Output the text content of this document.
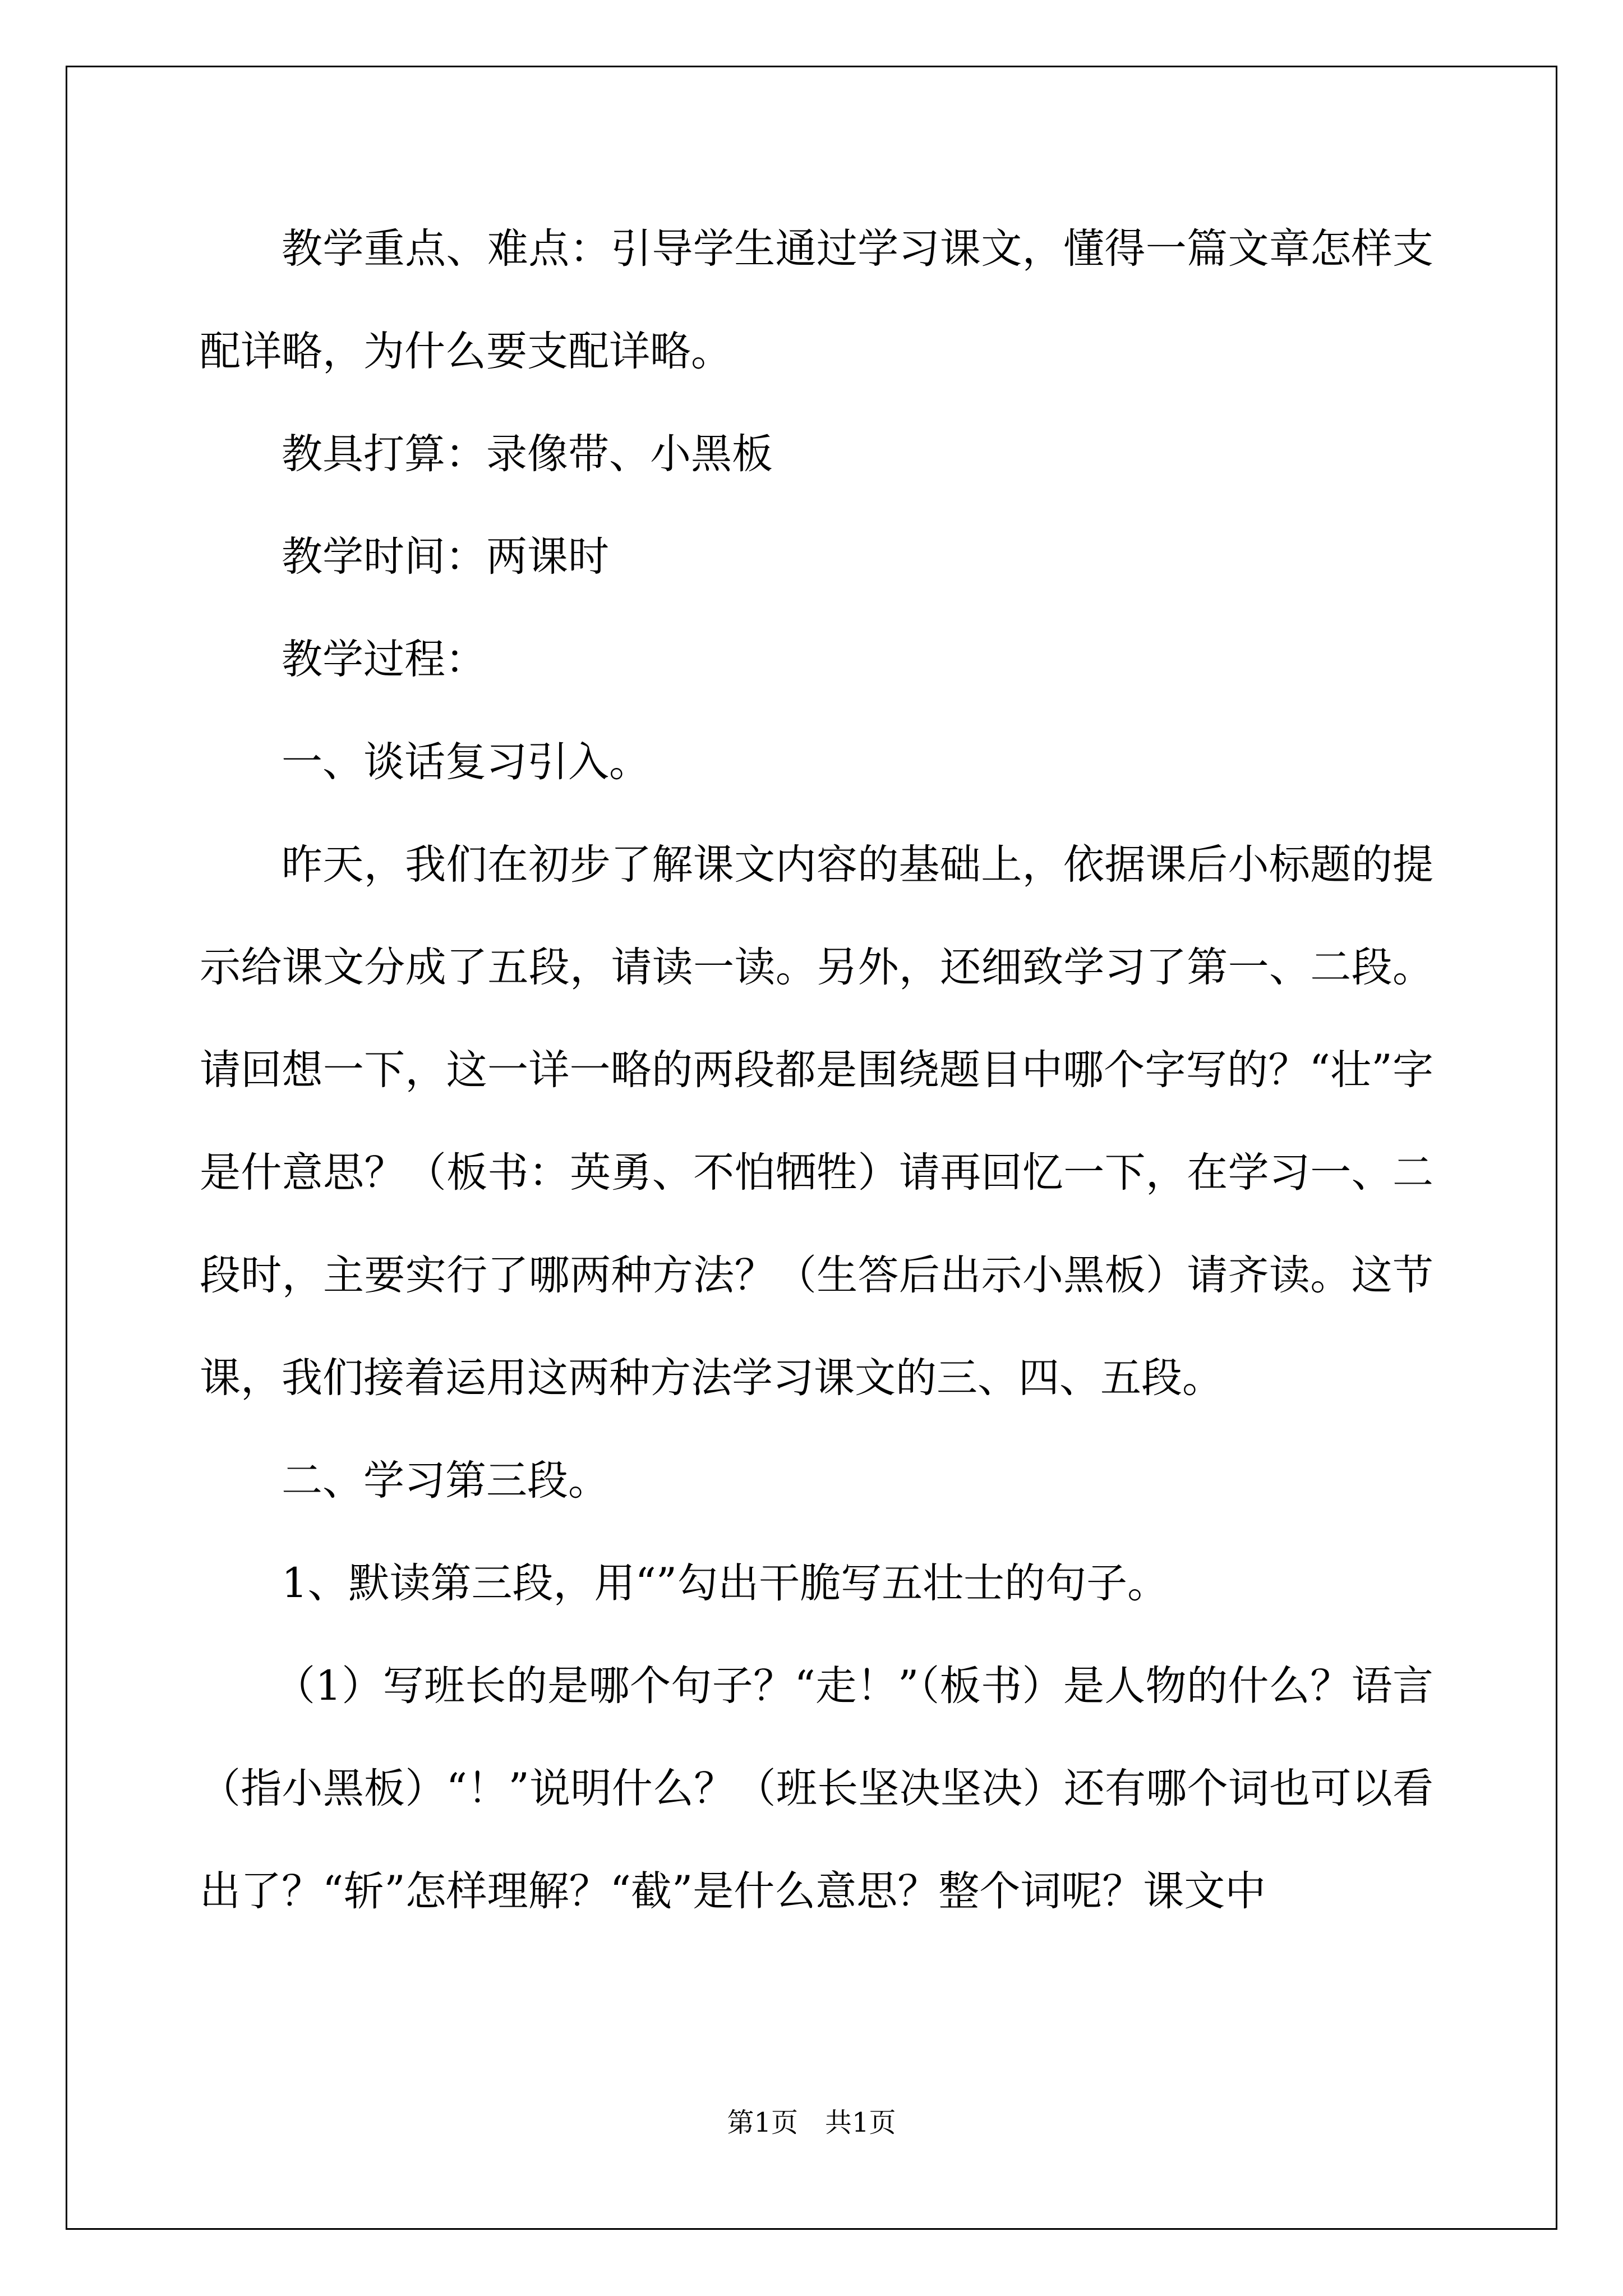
教学重点、难点：引导学生通过学习课文，懂得一篇文章怎样支配详略，为什么要支配详略。

教具打算：录像带、小黑板

教学时间：两课时

教学过程：

一、谈话复习引入。

昨天，我们在初步了解课文内容的基础上，依据课后小标题的提示给课文分成了五段，请读一读。另外，还细致学习了第一、二段。请回想一下，这一详一略的两段都是围绕题目中哪个字写的？“壮”字是什意思？（板书：英勇、不怕牺牲）请再回忆一下，在学习一、二段时，主要实行了哪两种方法？（生答后出示小黑板）请齐读。这节课，我们接着运用这两种方法学习课文的三、四、五段。

二、学习第三段。

1、默读第三段，用“”勾出干脆写五壮士的句子。

（1）写班长的是哪个句子？“走！”（板书）是人物的什么？语言（指小黑板）“！”说明什么？（班长坚决坚决）还有哪个词也可以看出了？“斩”怎样理解？“截”是什么意思？整个词呢？课文中

第1页　共1页
